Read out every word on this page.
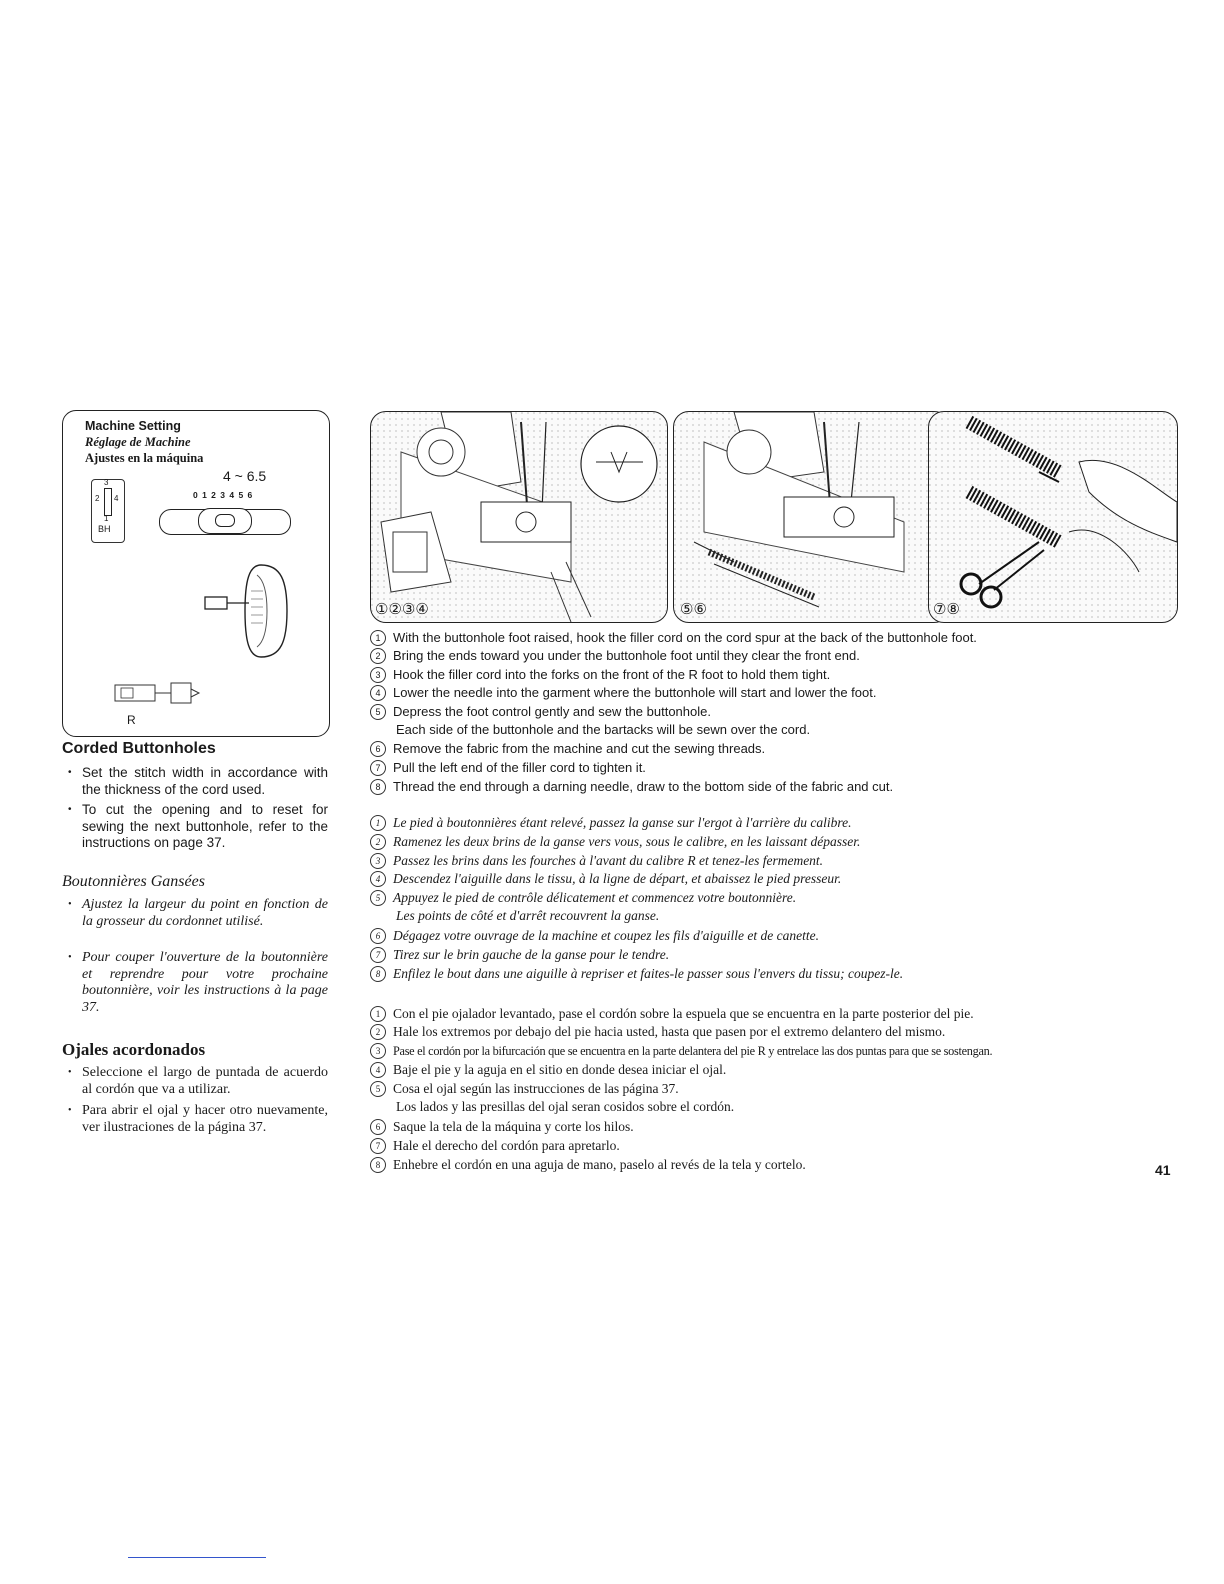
Machine Setting
Réglage de Machine
Ajustes en la máquina
4 ~ 6.5
3
2 4
1
BH
0 1 2 3 4 5 6
R
Corded Buttonholes
• Set the stitch width in accordance with the thickness of the cord used.
• To cut the opening and to reset for sewing the next buttonhole, refer to the instructions on page 37.
Boutonnières Gansées
• Ajustez la largeur du point en fonction de la grosseur du cordonnet utilisé.
• Pour couper l'ouverture de la boutonnière et reprendre pour votre prochaine boutonnière, voir les instructions à la page 37.
Ojales acordonados
• Seleccione el largo de puntada de acuerdo al cordón que va a utilizar.
• Para abrir el ojal y hacer otro nuevamente, ver ilustraciones de la página 37.
①②③④	⑤⑥	⑦⑧
1 With the buttonhole foot raised, hook the filler cord on the cord spur at the back of the buttonhole foot.
2 Bring the ends toward you under the buttonhole foot until they clear the front end.
3 Hook the filler cord into the forks on the front of the R foot to hold them tight.
4 Lower the needle into the garment where the buttonhole will start and lower the foot.
5 Depress the foot control gently and sew the buttonhole.
Each side of the buttonhole and the bartacks will be sewn over the cord.
6 Remove the fabric from the machine and cut the sewing threads.
7 Pull the left end of the filler cord to tighten it.
8 Thread the end through a darning needle, draw to the bottom side of the fabric and cut.
1 Le pied à boutonnières étant relevé, passez la ganse sur l'ergot à l'arrière du calibre.
2 Ramenez les deux brins de la ganse vers vous, sous le calibre, en les laissant dépasser.
3 Passez les brins dans les fourches à l'avant du calibre R et tenez-les fermement.
4 Descendez l'aiguille dans le tissu, à la ligne de départ, et abaissez le pied presseur.
5 Appuyez le pied de contrôle délicatement et commencez votre boutonnière.
Les points de côté et d'arrêt recouvrent la ganse.
6 Dégagez votre ouvrage de la machine et coupez les fils d'aiguille et de canette.
7 Tirez sur le brin gauche de la ganse pour le tendre.
8 Enfilez le bout dans une aiguille à repriser et faites-le passer sous l'envers du tissu; coupez-le.
1 Con el pie ojalador levantado, pase el cordón sobre la espuela que se encuentra en la parte posterior del pie.
2 Hale los extremos por debajo del pie hacia usted, hasta que pasen por el extremo delantero del mismo.
3 Pase el cordón por la bifurcación que se encuentra en la parte delantera del pie R y entrelace las dos puntas para que se sostengan.
4 Baje el pie y la aguja en el sitio en donde desea iniciar el ojal.
5 Cosa el ojal según las instrucciones de las página 37.
Los lados y las presillas del ojal seran cosidos sobre el cordón.
6 Saque la tela de la máquina y corte los hilos.
7 Hale el derecho del cordón para apretarlo.
8 Enhebre el cordón en una aguja de mano, paselo al revés de la tela y cortelo.	41
